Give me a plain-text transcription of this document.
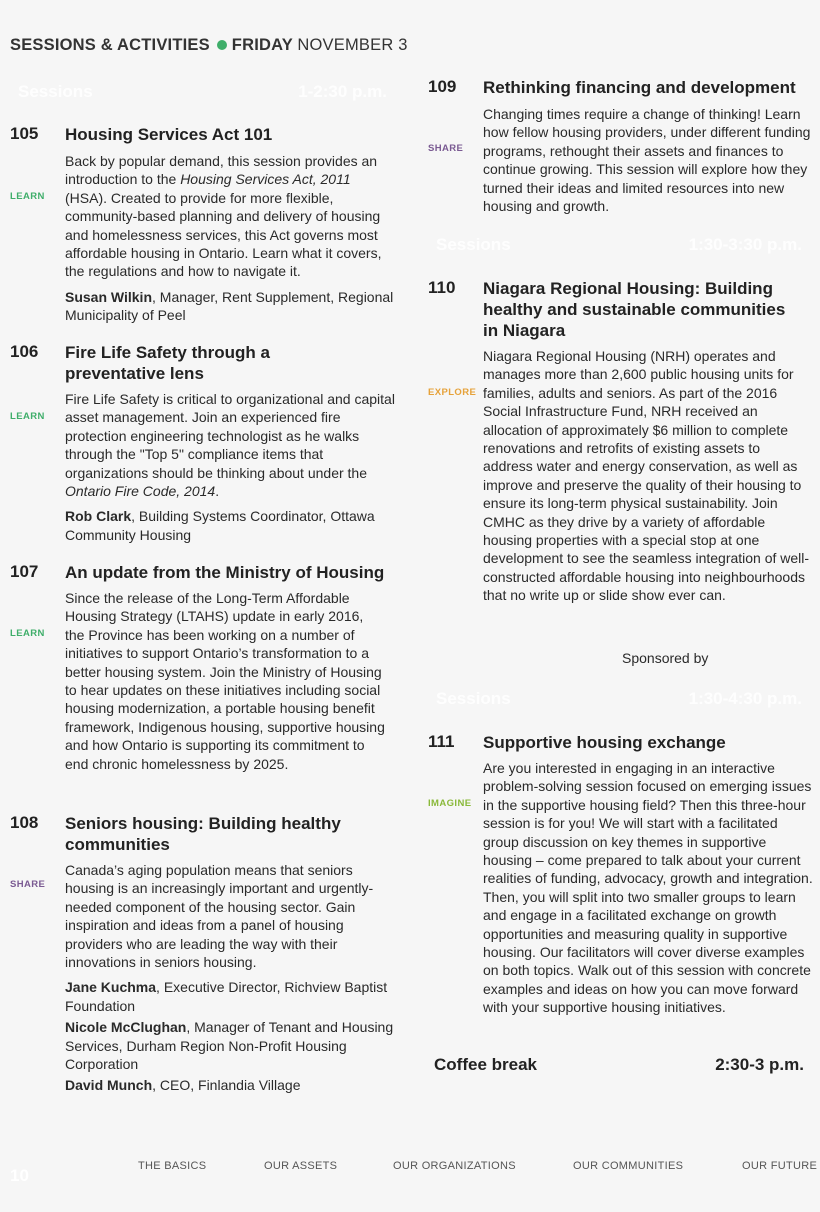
SESSIONS & ACTIVITIES FRIDAY NOVEMBER 3
Sessions	1-2:30 p.m.
Sessions	1:30-3:30 p.m.
Sessions	1:30-4:30 p.m.
105 Housing Services Act 101
LEARN

Back by popular demand, this session provides an introduction to the Housing Services Act, 2011 (HSA). Created to provide for more flexible, community-based planning and delivery of housing and homelessness services, this Act governs most affordable housing in Ontario. Learn what it covers, the regulations and how to navigate it.

Susan Wilkin, Manager, Rent Supplement, Regional Municipality of Peel

106 Fire Life Safety through a preventative lens
LEARN

Fire Life Safety is critical to organizational and capital asset management. Join an experienced fire protection engineering technologist as he walks through the "Top 5" compliance items that organizations should be thinking about under the Ontario Fire Code, 2014.

Rob Clark, Building Systems Coordinator, Ottawa Community Housing

107 An update from the Ministry of Housing
LEARN
Since the release of the Long-Term Affordable Housing Strategy (LTAHS) update in early 2016, the Province has been working on a number of initiatives to support Ontario’s transformation to a better housing system. Join the Ministry of Housing to hear updates on these initiatives including social housing modernization, a portable housing benefit framework, Indigenous housing, supportive housing and how Ontario is supporting its commitment to end chronic homelessness by 2025.
108 Seniors housing: Building healthy communities
SHARE

Canada’s aging population means that seniors housing is an increasingly important and urgently-needed component of the housing sector. Gain inspiration and ideas from a panel of housing providers who are leading the way with their innovations in seniors housing.

Jane Kuchma, Executive Director, Richview Baptist Foundation

Nicole McClughan, Manager of Tenant and Housing Services, Durham Region Non-Profit Housing Corporation

David Munch, CEO, Finlandia Village

109 Rethinking financing and development
SHARE
Changing times require a change of thinking! Learn how fellow housing providers, under different funding programs, rethought their assets and finances to continue growing. This session will explore how they turned their ideas and limited resources into new housing and growth.
110 Niagara Regional Housing: Building healthy and sustainable communities in Niagara
EXPLORE
Niagara Regional Housing (NRH) operates and manages more than 2,600 public housing units for families, adults and seniors. As part of the 2016 Social Infrastructure Fund, NRH received an allocation of approximately $6 million to complete renovations and retrofits of existing assets to address water and energy conservation, as well as improve and preserve the quality of their housing to ensure its long-term physical sustainability. Join CMHC as they drive by a variety of affordable housing properties with a special stop at one development to see the seamless integration of well-constructed affordable housing into neighbourhoods that no write up or slide show ever can.
Sponsored by
111 Supportive housing exchange
IMAGINE
Are you interested in engaging in an interactive problem-solving session focused on emerging issues in the supportive housing field? Then this three-hour session is for you! We will start with a facilitated group discussion on key themes in supportive housing – come prepared to talk about your current realities of funding, advocacy, growth and integration. Then, you will split into two smaller groups to learn and engage in a facilitated exchange on growth opportunities and measuring quality in supportive housing. Our facilitators will cover diverse examples on both topics. Walk out of this session with concrete examples and ideas on how you can move forward with your supportive housing initiatives.
Coffee break	2:30-3 p.m.
10	THE BASICS	OUR ASSETS	OUR ORGANIZATIONS	OUR COMMUNITIES	OUR FUTURE
